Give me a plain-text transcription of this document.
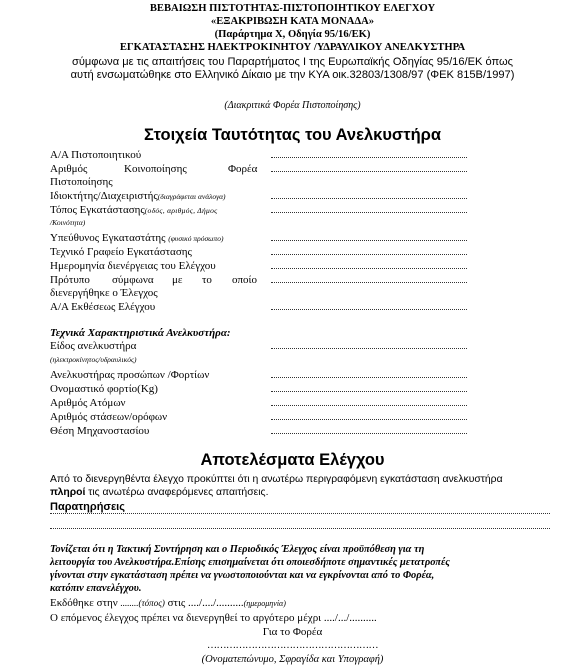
ΒΕΒΑΙΩΣΗ ΠΙΣΤΟΤΗΤΑΣ-ΠΙΣΤΟΠΟΙΗΤΙΚΟΥ ΕΛΕΓΧΟΥ
«ΕΞΑΚΡΙΒΩΣΗ ΚΑΤΑ ΜΟΝΑΔΑ»
(Παράρτημα Χ, Οδηγία 95/16/ΕΚ)
ΕΓΚΑΤΑΣΤΑΣΗΣ ΗΛΕΚΤΡΟΚΙΝΗΤΟΥ /ΥΔΡΑΥΛΙΚΟΥ ΑΝΕΛΚΥΣΤΗΡΑ
σύμφωνα με τις απαιτήσεις του Παραρτήματος Ι της Ευρωπαϊκής Οδηγίας 95/16/ΕΚ όπως
αυτή ενσωματώθηκε στο Ελληνικό Δίκαιο με την ΚΥΑ οικ.32803/1308/97 (ΦΕΚ 815Β/1997)
(Διακριτικά Φορέα Πιστοποίησης)
Στοιχεία Ταυτότητας του Ανελκυστήρα
Α/Α Πιστοποιητικού
Αριθμός	Κοινοποίησης	Φορέα
Πιστοποίησης
Ιδιοκτήτης/Διαχειριστής(διαγράφεται ανάλογα)
Τόπος Εγκατάστασης(οδός, αριθμός, Δήμος
/Κοινότητα)
Υπεύθυνος Εγκαταστάτης (φυσικό πρόσωπο)
Τεχνικό Γραφείο Εγκατάστασης
Ημερομηνία διενέργειας του Ελέγχου
Πρότυπο σύμφωνα με το οποίο
διενεργήθηκε ο Έλεγχος
Α/Α Εκθέσεως Ελέγχου
Τεχνικά Χαρακτηριστικά Ανελκυστήρα:
Είδος ανελκυστήρα
(ηλεκτροκίνητος/υδραυλικός)
Ανελκυστήρας προσώπων /Φορτίων
Ονομαστικό φορτίο(Kg)
Αριθμός Ατόμων
Αριθμός στάσεων/ορόφων
Θέση Μηχανοστασίου
Αποτελέσματα Ελέγχου
Από το διενεργηθέντα έλεγχο προκύπτει ότι η ανωτέρω περιγραφόμενη εγκατάσταση ανελκυστήρα
πληροί τις ανωτέρω αναφερόμενες απαιτήσεις.
Παρατηρήσεις
Τονίζεται ότι η Τακτική Συντήρηση και ο Περιοδικός Έλεγχος είναι προϋπόθεση για τη
λειτουργία του Ανελκυστήρα.Επίσης επισημαίνεται ότι οποιεσδήποτε σημαντικές μετατροπές
γίνονται στην εγκατάσταση πρέπει να γνωστοποιούνται και να εγκρίνονται από το Φορέα,
κατόπιν επανελέγχου.
Εκδόθηκε στην ........(τόπος) στις ..../..../..........(ημερομηνία)
Ο επόμενος έλεγχος πρέπει να διενεργηθεί το αργότερο μέχρι ..../.../..........
Για το Φορέα
………………………………………………
(Ονοματεπώνυμο, Σφραγίδα και Υπογραφή)
